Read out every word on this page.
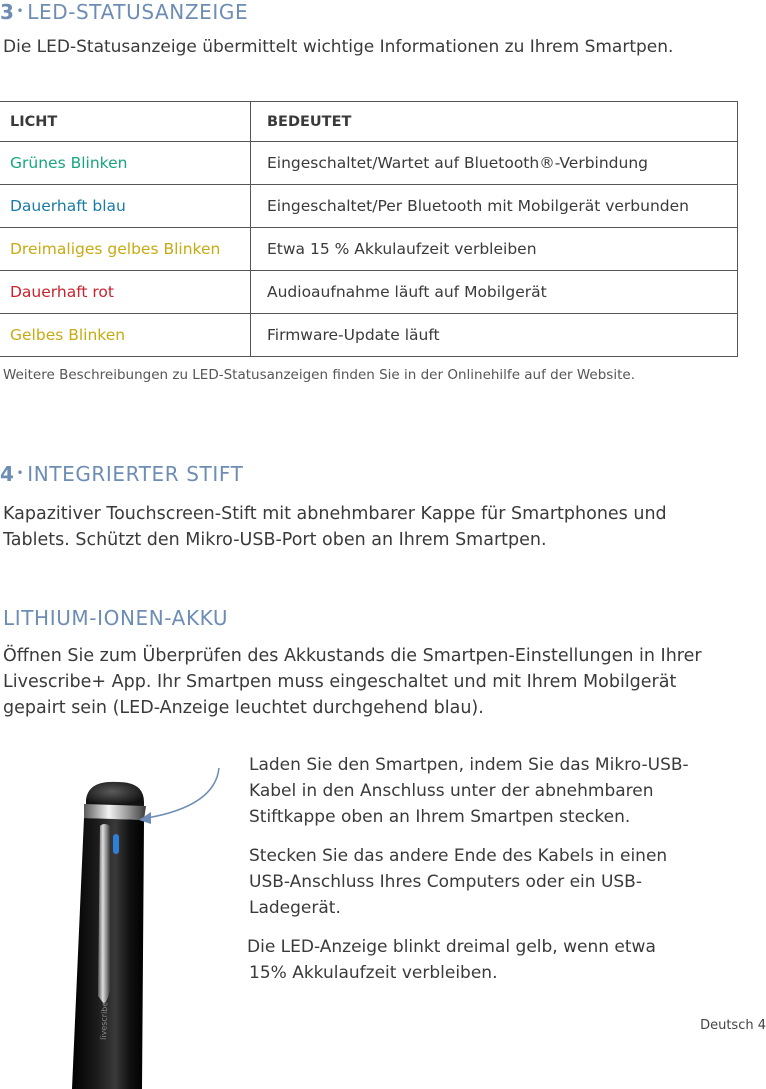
3 • LED-STATUSANZEIGE
Die LED-Statusanzeige übermittelt wichtige Informationen zu Ihrem Smartpen.
LICHT	BEDEUTET
Grünes Blinken	Eingeschaltet/Wartet auf Bluetooth®-Verbindung
Dauerhaft blau	Eingeschaltet/Per Bluetooth mit Mobilgerät verbunden
Dreimaliges gelbes Blinken	Etwa 15 % Akkulaufzeit verbleiben
Dauerhaft rot	Audioaufnahme läuft auf Mobilgerät
Gelbes Blinken	Firmware-Update läuft
Weitere Beschreibungen zu LED-Statusanzeigen finden Sie in der Onlinehilfe auf der Website.
4 • INTEGRIERTER STIFT
Kapazitiver Touchscreen-Stift mit abnehmbarer Kappe für Smartphones und
Tablets. Schützt den Mikro-USB-Port oben an Ihrem Smartpen.
LITHIUM-IONEN-AKKU
Öffnen Sie zum Überprüfen des Akkustands die Smartpen-Einstellungen in Ihrer
Livescribe+ App. Ihr Smartpen muss eingeschaltet und mit Ihrem Mobilgerät
gepairt sein (LED-Anzeige leuchtet durchgehend blau).
livescribe
Laden Sie den Smartpen, indem Sie das Mikro-USB-
Kabel in den Anschluss unter der abnehmbaren
Stiftkappe oben an Ihrem Smartpen stecken.
Stecken Sie das andere Ende des Kabels in einen
USB-Anschluss Ihres Computers oder ein USB-
Ladegerät.
Die LED-Anzeige blinkt dreimal gelb, wenn etwa
15% Akkulaufzeit verbleiben.
Deutsch 4
